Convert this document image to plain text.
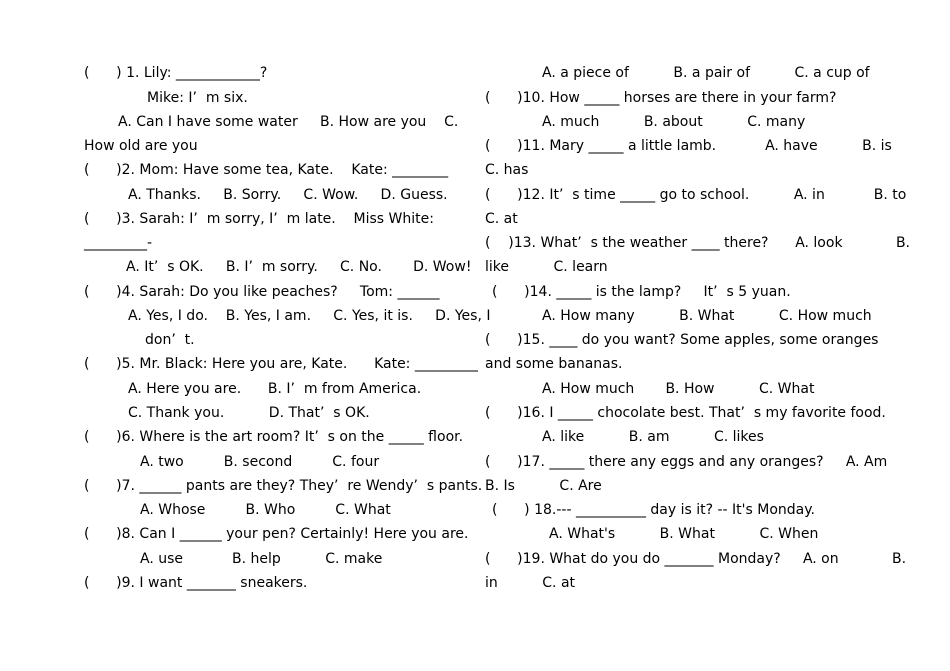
(      ) 1. Lily: ____________?
Mike: I’  m six.
A. Can I have some water     B. How are you    C.
How old are you
(      )2. Mom: Have some tea, Kate.    Kate: ________
A. Thanks.     B. Sorry.     C. Wow.     D. Guess.
(      )3. Sarah: I’  m sorry, I’  m late.    Miss White:
_________-
A. It’  s OK.     B. I’  m sorry.     C. No.       D. Wow!
(      )4. Sarah: Do you like peaches?     Tom: ______
A. Yes, I do.    B. Yes, I am.     C. Yes, it is.     D. Yes, I
don’  t.
(      )5. Mr. Black: Here you are, Kate.      Kate: _________
A. Here you are.      B. I’  m from America.
C. Thank you.          D. That’  s OK.
(      )6. Where is the art room? It’  s on the _____ floor.
A. two         B. second         C. four
(      )7. ______ pants are they? They’  re Wendy’  s pants.
A. Whose         B. Who         C. What
(      )8. Can I ______ your pen? Certainly! Here you are.
A. use           B. help          C. make
(      )9. I want _______ sneakers.
A. a piece of          B. a pair of          C. a cup of
(      )10. How _____ horses are there in your farm?
A. much          B. about          C. many
(      )11. Mary _____ a little lamb.           A. have          B. is
C. has
(      )12. It’  s time _____ go to school.          A. in           B. to
C. at
(    )13. What’  s the weather ____ there?      A. look            B.
like          C. learn
(      )14. _____ is the lamp?     It’  s 5 yuan.
A. How many          B. What          C. How much
(      )15. ____ do you want? Some apples, some oranges
and some bananas.
A. How much       B. How          C. What
(      )16. I _____ chocolate best. That’  s my favorite food.
A. like          B. am          C. likes
(      )17. _____ there any eggs and any oranges?     A. Am
B. Is          C. Are
(      ) 18.--- __________ day is it? -- It's Monday.
A. What's          B. What          C. When
(      )19. What do you do _______ Monday?     A. on            B.
in          C. at
